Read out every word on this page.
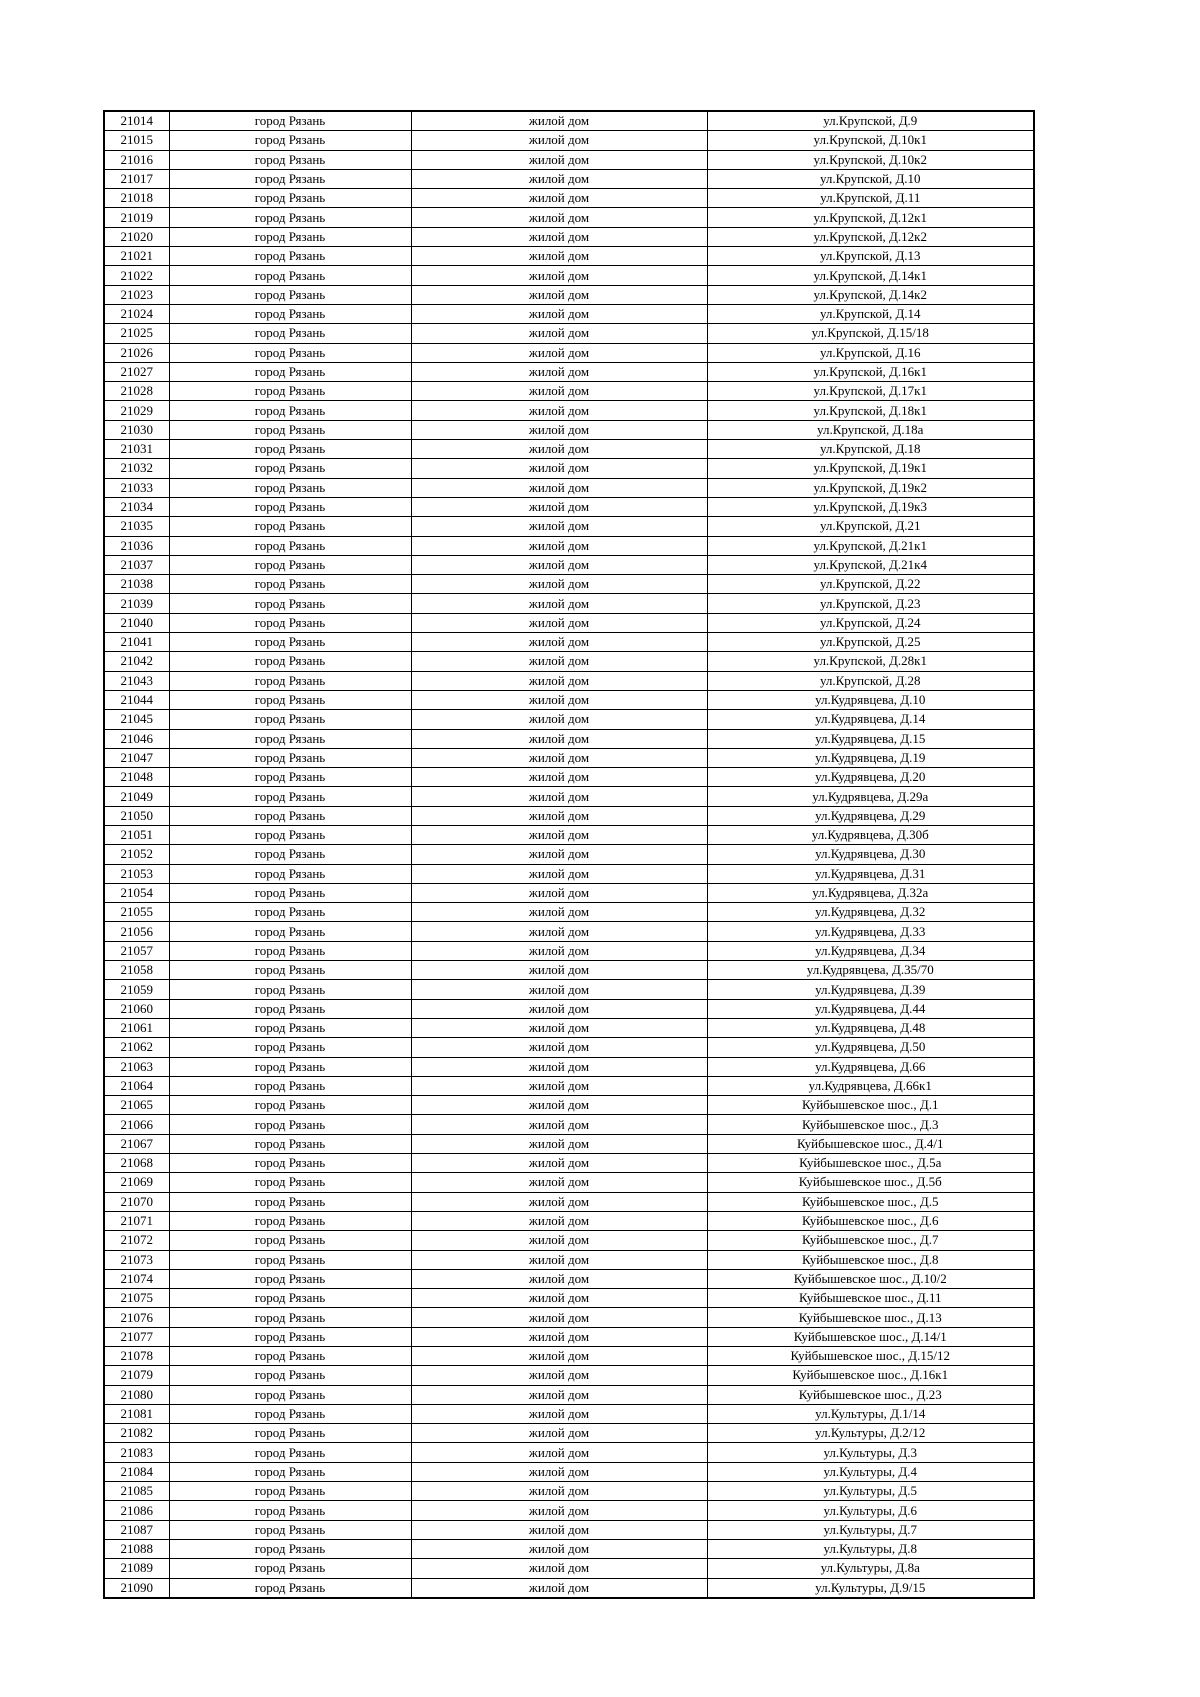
21014	город Рязань	жилой дом	ул.Крупской, Д.9
21015	город Рязань	жилой дом	ул.Крупской, Д.10к1
21016	город Рязань	жилой дом	ул.Крупской, Д.10к2
21017	город Рязань	жилой дом	ул.Крупской, Д.10
21018	город Рязань	жилой дом	ул.Крупской, Д.11
21019	город Рязань	жилой дом	ул.Крупской, Д.12к1
21020	город Рязань	жилой дом	ул.Крупской, Д.12к2
21021	город Рязань	жилой дом	ул.Крупской, Д.13
21022	город Рязань	жилой дом	ул.Крупской, Д.14к1
21023	город Рязань	жилой дом	ул.Крупской, Д.14к2
21024	город Рязань	жилой дом	ул.Крупской, Д.14
21025	город Рязань	жилой дом	ул.Крупской, Д.15/18
21026	город Рязань	жилой дом	ул.Крупской, Д.16
21027	город Рязань	жилой дом	ул.Крупской, Д.16к1
21028	город Рязань	жилой дом	ул.Крупской, Д.17к1
21029	город Рязань	жилой дом	ул.Крупской, Д.18к1
21030	город Рязань	жилой дом	ул.Крупской, Д.18а
21031	город Рязань	жилой дом	ул.Крупской, Д.18
21032	город Рязань	жилой дом	ул.Крупской, Д.19к1
21033	город Рязань	жилой дом	ул.Крупской, Д.19к2
21034	город Рязань	жилой дом	ул.Крупской, Д.19к3
21035	город Рязань	жилой дом	ул.Крупской, Д.21
21036	город Рязань	жилой дом	ул.Крупской, Д.21к1
21037	город Рязань	жилой дом	ул.Крупской, Д.21к4
21038	город Рязань	жилой дом	ул.Крупской, Д.22
21039	город Рязань	жилой дом	ул.Крупской, Д.23
21040	город Рязань	жилой дом	ул.Крупской, Д.24
21041	город Рязань	жилой дом	ул.Крупской, Д.25
21042	город Рязань	жилой дом	ул.Крупской, Д.28к1
21043	город Рязань	жилой дом	ул.Крупской, Д.28
21044	город Рязань	жилой дом	ул.Кудрявцева, Д.10
21045	город Рязань	жилой дом	ул.Кудрявцева, Д.14
21046	город Рязань	жилой дом	ул.Кудрявцева, Д.15
21047	город Рязань	жилой дом	ул.Кудрявцева, Д.19
21048	город Рязань	жилой дом	ул.Кудрявцева, Д.20
21049	город Рязань	жилой дом	ул.Кудрявцева, Д.29а
21050	город Рязань	жилой дом	ул.Кудрявцева, Д.29
21051	город Рязань	жилой дом	ул.Кудрявцева, Д.30б
21052	город Рязань	жилой дом	ул.Кудрявцева, Д.30
21053	город Рязань	жилой дом	ул.Кудрявцева, Д.31
21054	город Рязань	жилой дом	ул.Кудрявцева, Д.32а
21055	город Рязань	жилой дом	ул.Кудрявцева, Д.32
21056	город Рязань	жилой дом	ул.Кудрявцева, Д.33
21057	город Рязань	жилой дом	ул.Кудрявцева, Д.34
21058	город Рязань	жилой дом	ул.Кудрявцева, Д.35/70
21059	город Рязань	жилой дом	ул.Кудрявцева, Д.39
21060	город Рязань	жилой дом	ул.Кудрявцева, Д.44
21061	город Рязань	жилой дом	ул.Кудрявцева, Д.48
21062	город Рязань	жилой дом	ул.Кудрявцева, Д.50
21063	город Рязань	жилой дом	ул.Кудрявцева, Д.66
21064	город Рязань	жилой дом	ул.Кудрявцева, Д.66к1
21065	город Рязань	жилой дом	Куйбышевское шос., Д.1
21066	город Рязань	жилой дом	Куйбышевское шос., Д.3
21067	город Рязань	жилой дом	Куйбышевское шос., Д.4/1
21068	город Рязань	жилой дом	Куйбышевское шос., Д.5а
21069	город Рязань	жилой дом	Куйбышевское шос., Д.5б
21070	город Рязань	жилой дом	Куйбышевское шос., Д.5
21071	город Рязань	жилой дом	Куйбышевское шос., Д.6
21072	город Рязань	жилой дом	Куйбышевское шос., Д.7
21073	город Рязань	жилой дом	Куйбышевское шос., Д.8
21074	город Рязань	жилой дом	Куйбышевское шос., Д.10/2
21075	город Рязань	жилой дом	Куйбышевское шос., Д.11
21076	город Рязань	жилой дом	Куйбышевское шос., Д.13
21077	город Рязань	жилой дом	Куйбышевское шос., Д.14/1
21078	город Рязань	жилой дом	Куйбышевское шос., Д.15/12
21079	город Рязань	жилой дом	Куйбышевское шос., Д.16к1
21080	город Рязань	жилой дом	Куйбышевское шос., Д.23
21081	город Рязань	жилой дом	ул.Культуры, Д.1/14
21082	город Рязань	жилой дом	ул.Культуры, Д.2/12
21083	город Рязань	жилой дом	ул.Культуры, Д.3
21084	город Рязань	жилой дом	ул.Культуры, Д.4
21085	город Рязань	жилой дом	ул.Культуры, Д.5
21086	город Рязань	жилой дом	ул.Культуры, Д.6
21087	город Рязань	жилой дом	ул.Культуры, Д.7
21088	город Рязань	жилой дом	ул.Культуры, Д.8
21089	город Рязань	жилой дом	ул.Культуры, Д.8а
21090	город Рязань	жилой дом	ул.Культуры, Д.9/15
